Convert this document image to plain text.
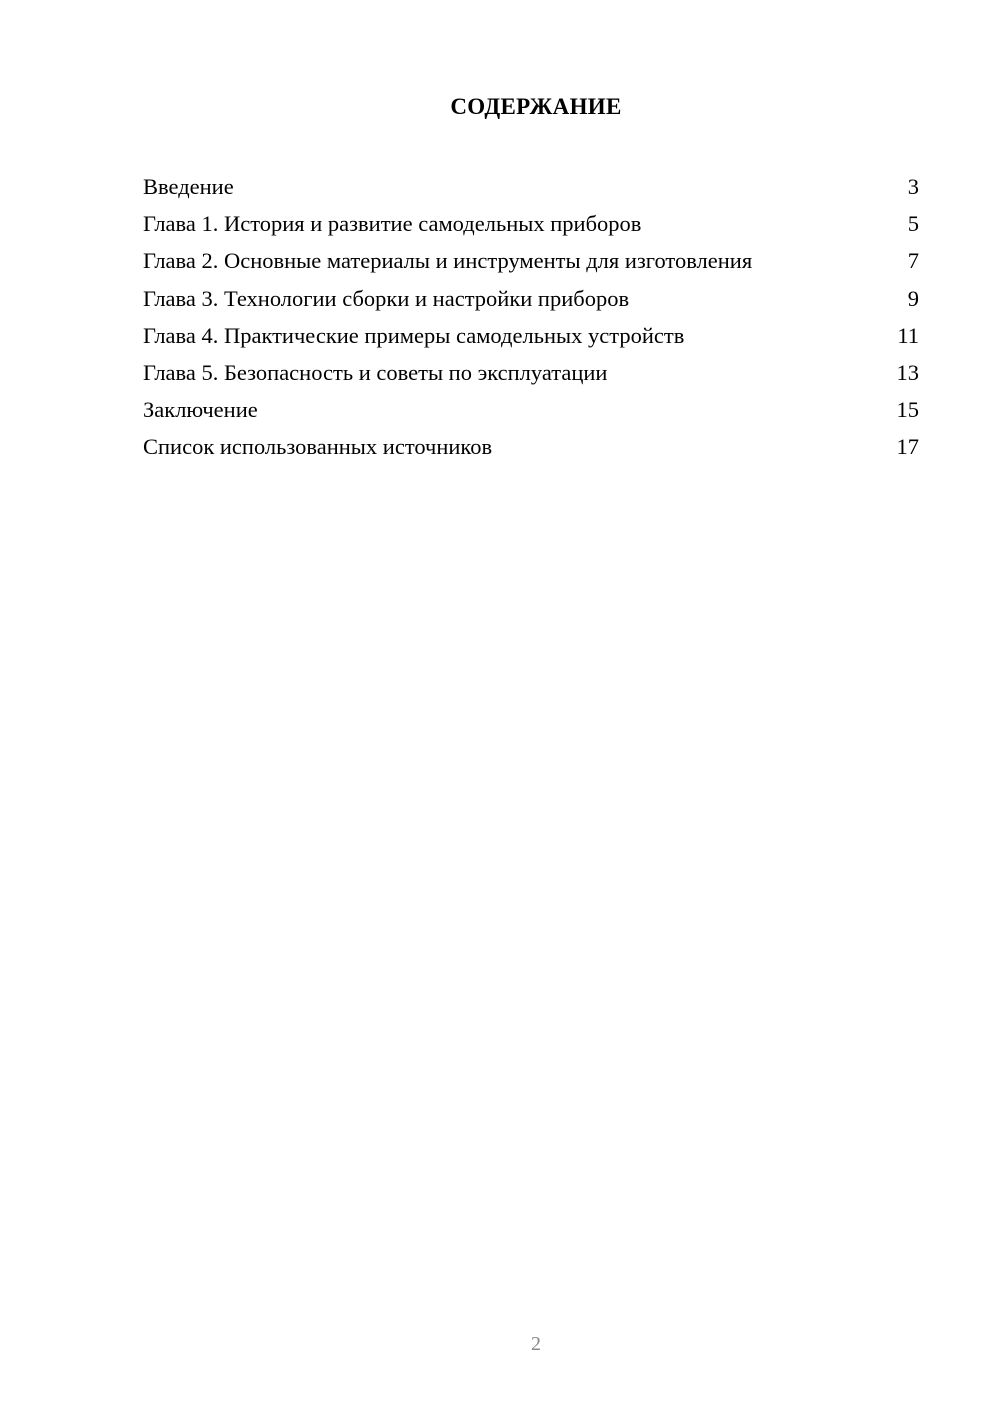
СОДЕРЖАНИЕ
Введение	3
Глава 1. История и развитие самодельных приборов	5
Глава 2. Основные материалы и инструменты для изготовления	7
Глава 3. Технологии сборки и настройки приборов	9
Глава 4. Практические примеры самодельных устройств	11
Глава 5. Безопасность и советы по эксплуатации	13
Заключение	15
Список использованных источников	17
2
